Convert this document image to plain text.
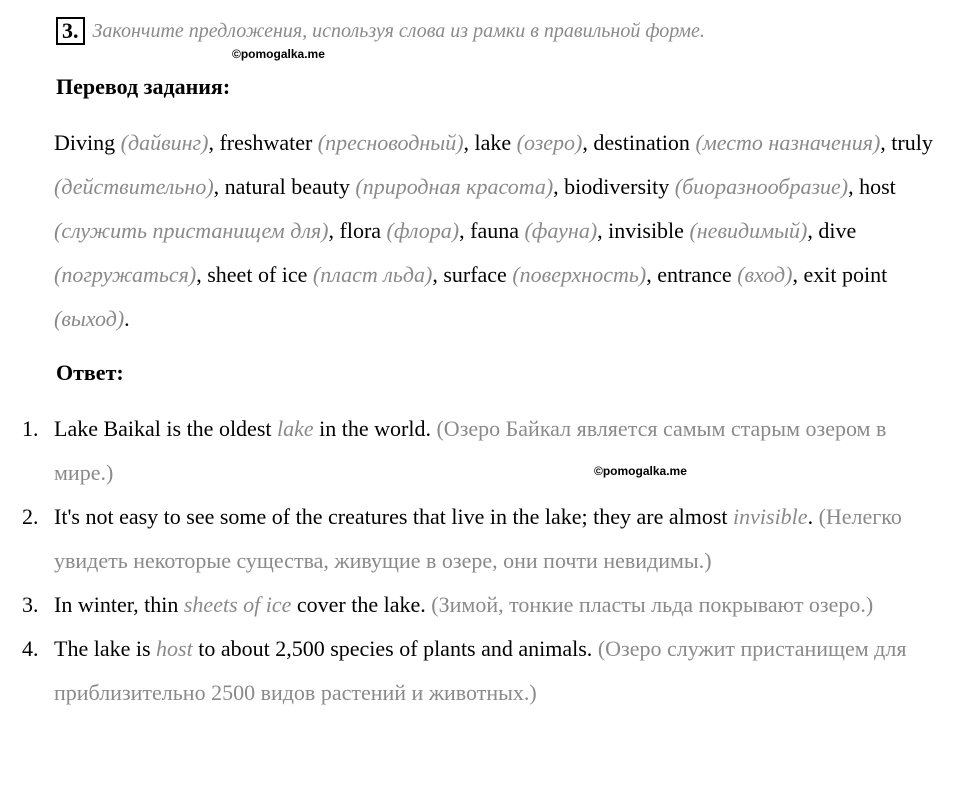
3. Закончите предложения, используя слова из рамки в правильной форме.
©pomogalka.me
Перевод задания:
Diving (дайвинг), freshwater (пресноводный), lake (озеро), destination (место назначения), truly (действительно), natural beauty (природная красота), biodiversity (биоразнообразие), host (служить пристанищем для), flora (флора), fauna (фауна), invisible (невидимый), dive (погружаться), sheet of ice (пласт льда), surface (поверхность), entrance (вход), exit point (выход).
Ответ:
1. Lake Baikal is the oldest lake in the world. (Озеро Байкал является самым старым озером в мире.)
2. It's not easy to see some of the creatures that live in the lake; they are almost invisible. (Нелегко увидеть некоторые существа, живущие в озере, они почти невидимы.)
3. In winter, thin sheets of ice cover the lake. (Зимой, тонкие пласты льда покрывают озеро.)
4. The lake is host to about 2,500 species of plants and animals. (Озеро служит пристанищем для приблизительно 2500 видов растений и животных.)
©pomogalka.me
